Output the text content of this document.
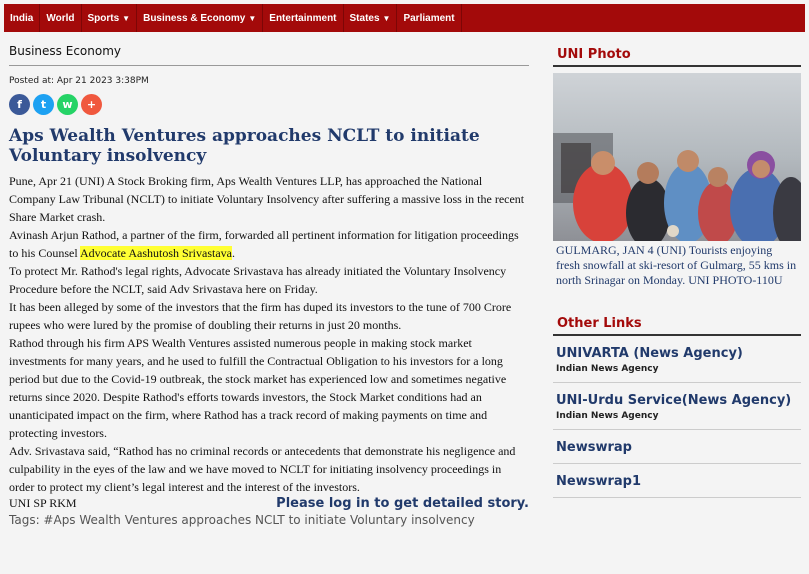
India World Sports ▼ Business & Economy ▼ Entertainment States ▼ Parliament
Business Economy
Posted at: Apr 21 2023 3:38PM
f	t	w	+
Aps Wealth Ventures approaches NCLT to initiate Voluntary insolvency

Pune, Apr 21 (UNI) A Stock Broking firm, Aps Wealth Ventures LLP, has approached the National Company Law Tribunal (NCLT) to initiate Voluntary Insolvency after suffering a massive loss in the recent Share Market crash.

Avinash Arjun Rathod, a partner of the firm, forwarded all pertinent information for litigation proceedings to his Counsel Advocate Aashutosh Srivastava.

To protect Mr. Rathod's legal rights, Advocate Srivastava has already initiated the Voluntary Insolvency Procedure before the NCLT, said Adv Srivastava here on Friday.

It has been alleged by some of the investors that the firm has duped its investors to the tune of 700 Crore rupees who were lured by the promise of doubling their returns in just 20 months.

Rathod through his firm APS Wealth Ventures assisted numerous people in making stock market investments for many years, and he used to fulfill the Contractual Obligation to his investors for a long period but due to the Covid-19 outbreak, the stock market has experienced low and sometimes negative returns since 2020. Despite Rathod's efforts towards investors, the Stock Market conditions had an unanticipated impact on the firm, where Rathod has a track record of making payments on time and protecting investors.

Adv. Srivastava said, “Rathod has no criminal records or antecedents that demonstrate his negligence and culpability in the eyes of the law and we have moved to NCLT for initiating insolvency proceedings in order to protect my client’s legal interest and the interest of the investors.

UNI SP RKM	Please log in to get detailed story.
Tags: #Aps Wealth Ventures approaches NCLT to initiate Voluntary insolvency
UNI Photo
GULMARG, JAN 4 (UNI) Tourists enjoying fresh snowfall at ski-resort of Gulmarg, 55 kms in north Srinagar on Monday. UNI PHOTO-110U
Other Links
UNIVARTA (News Agency)
Indian News Agency
UNI-Urdu Service(News Agency)
Indian News Agency
Newswrap
Newswrap1
